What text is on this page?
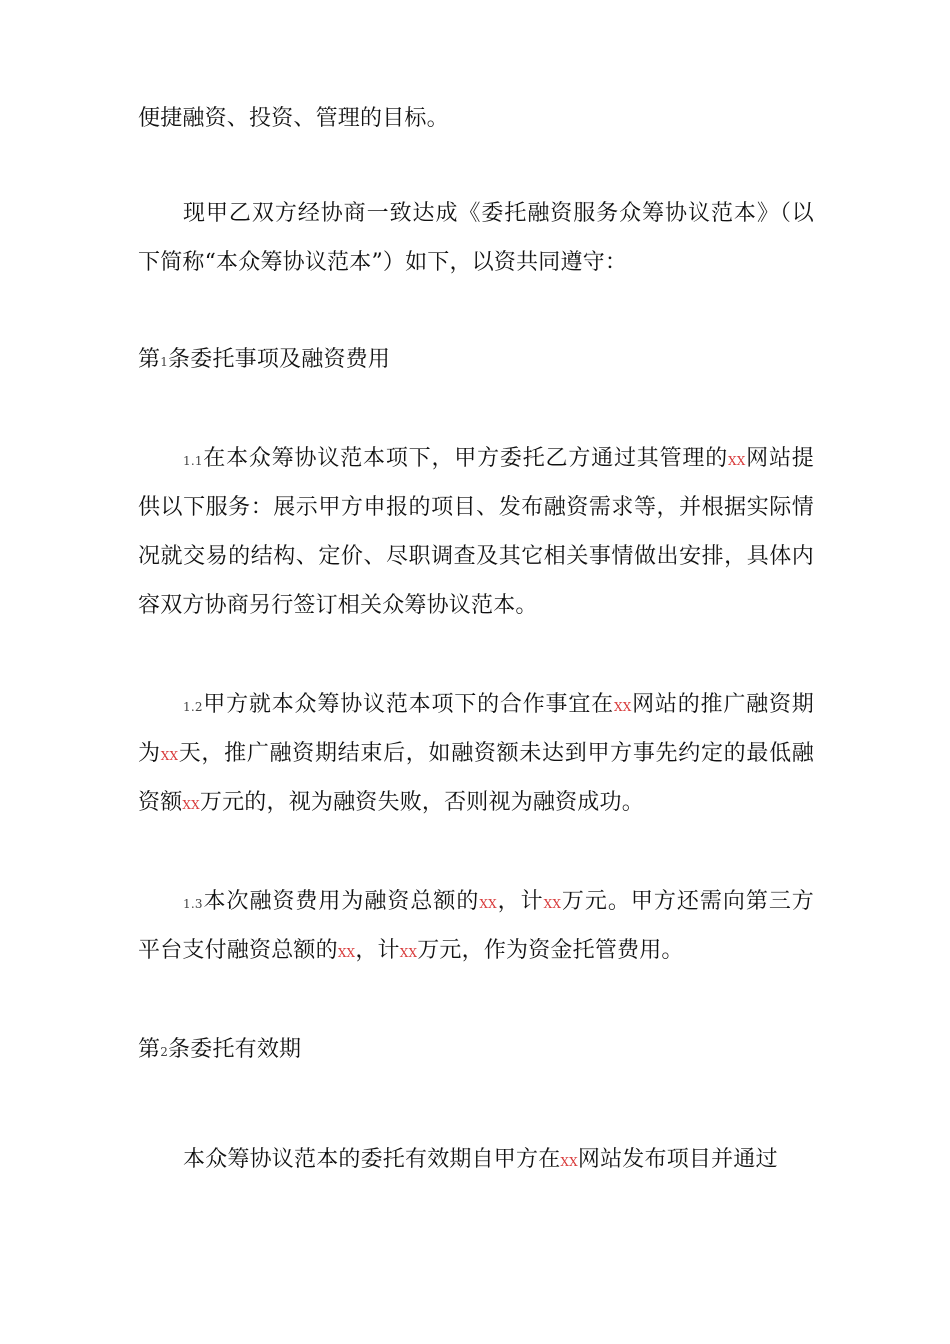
便捷融资、投资、管理的目标。
现甲乙双方经协商一致达成《委托融资服务众筹协议范本》（以
下简称“本众筹协议范本”）如下，以资共同遵守：
第1条委托事项及融资费用
1.1在本众筹协议范本项下，甲方委托乙方通过其管理的XX网站提
供以下服务：展示甲方申报的项目、发布融资需求等，并根据实际情
况就交易的结构、定价、尽职调查及其它相关事情做出安排，具体内
容双方协商另行签订相关众筹协议范本。
1.2甲方就本众筹协议范本项下的合作事宜在XX网站的推广融资期
为XX天，推广融资期结束后，如融资额未达到甲方事先约定的最低融
资额XX万元的，视为融资失败，否则视为融资成功。
1.3本次融资费用为融资总额的XX，计XX万元。甲方还需向第三方
平台支付融资总额的XX，计XX万元，作为资金托管费用。
第2条委托有效期
本众筹协议范本的委托有效期自甲方在XX网站发布项目并通过
